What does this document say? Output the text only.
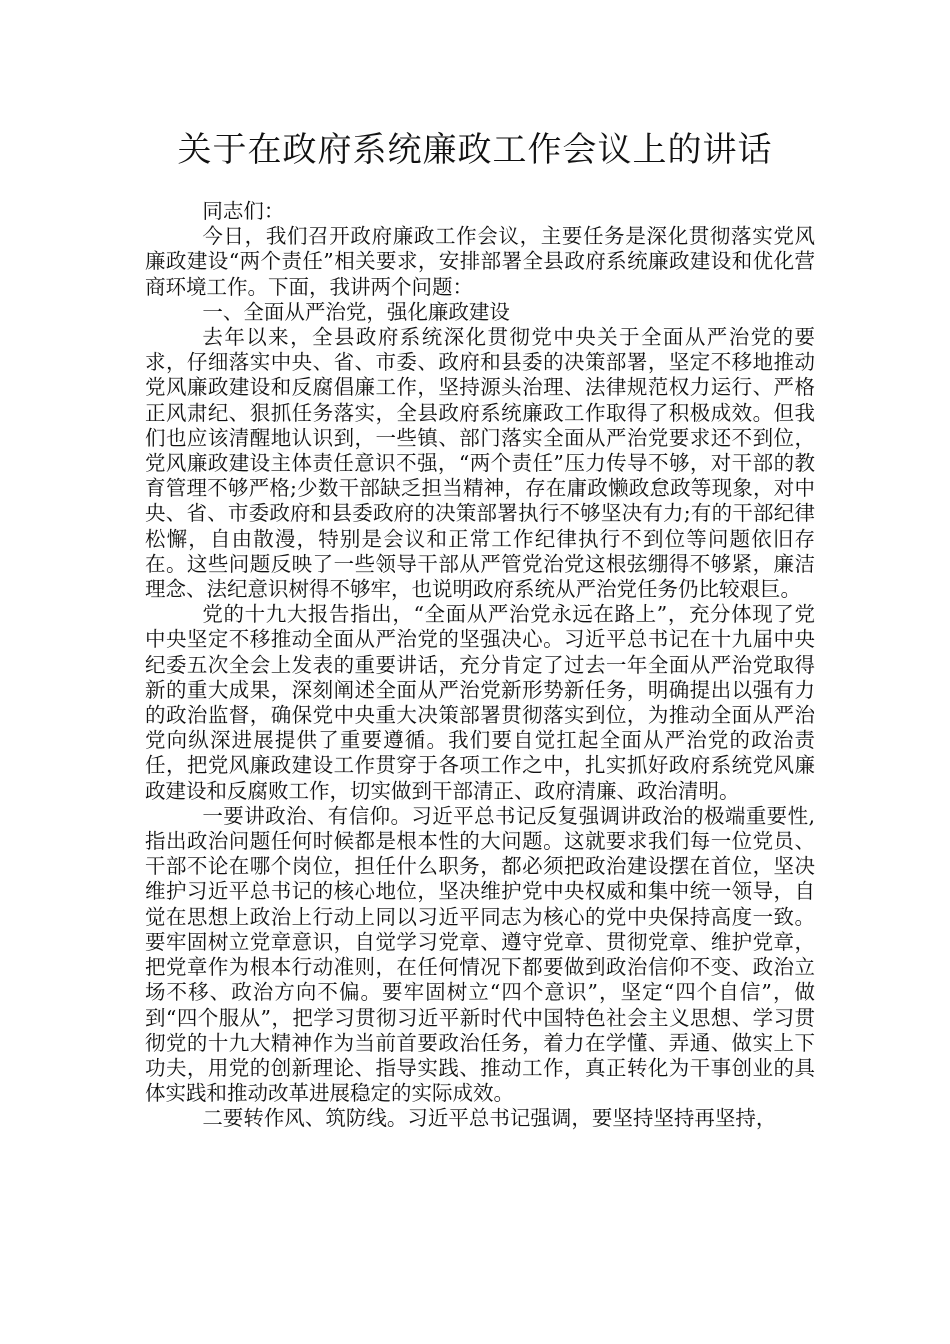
关于在政府系统廉政工作会议上的讲话

同志们：

今日，我们召开政府廉政工作会议，主要任务是深化贯彻落实党风廉政建设“两个责任”相关要求，安排部署全县政府系统廉政建设和优化营商环境工作。下面，我讲两个问题：

一、全面从严治党，强化廉政建设

去年以来，全县政府系统深化贯彻党中央关于全面从严治党的要求，仔细落实中央、省、市委、政府和县委的决策部署，坚定不移地推动党风廉政建设和反腐倡廉工作，坚持源头治理、法律规范权力运行、严格正风肃纪、狠抓任务落实，全县政府系统廉政工作取得了积极成效。但我们也应该清醒地认识到，一些镇、部门落实全面从严治党要求还不到位，党风廉政建设主体责任意识不强，“两个责任”压力传导不够，对干部的教育管理不够严格;少数干部缺乏担当精神，存在庸政懒政怠政等现象，对中央、省、市委政府和县委政府的决策部署执行不够坚决有力;有的干部纪律松懈，自由散漫，特别是会议和正常工作纪律执行不到位等问题依旧存在。这些问题反映了一些领导干部从严管党治党这根弦绷得不够紧，廉洁理念、法纪意识树得不够牢，也说明政府系统从严治党任务仍比较艰巨。

党的十九大报告指出，“全面从严治党永远在路上”，充分体现了党中央坚定不移推动全面从严治党的坚强决心。习近平总书记在十九届中央纪委五次全会上发表的重要讲话，充分肯定了过去一年全面从严治党取得新的重大成果，深刻阐述全面从严治党新形势新任务，明确提出以强有力的政治监督，确保党中央重大决策部署贯彻落实到位，为推动全面从严治党向纵深进展提供了重要遵循。我们要自觉扛起全面从严治党的政治责任，把党风廉政建设工作贯穿于各项工作之中，扎实抓好政府系统党风廉政建设和反腐败工作，切实做到干部清正、政府清廉、政治清明。

一要讲政治、有信仰。习近平总书记反复强调讲政治的极端重要性,指出政治问题任何时候都是根本性的大问题。这就要求我们每一位党员、干部不论在哪个岗位，担任什么职务，都必须把政治建设摆在首位，坚决维护习近平总书记的核心地位，坚决维护党中央权威和集中统一领导，自觉在思想上政治上行动上同以习近平同志为核心的党中央保持高度一致。要牢固树立党章意识，自觉学习党章、遵守党章、贯彻党章、维护党章，把党章作为根本行动准则，在任何情况下都要做到政治信仰不变、政治立场不移、政治方向不偏。要牢固树立“四个意识”，坚定“四个自信”，做到“四个服从”，把学习贯彻习近平新时代中国特色社会主义思想、学习贯彻党的十九大精神作为当前首要政治任务，着力在学懂、弄通、做实上下功夫，用党的创新理论、指导实践、推动工作，真正转化为干事创业的具体实践和推动改革进展稳定的实际成效。

二要转作风、筑防线。习近平总书记强调，要坚持坚持再坚持，
